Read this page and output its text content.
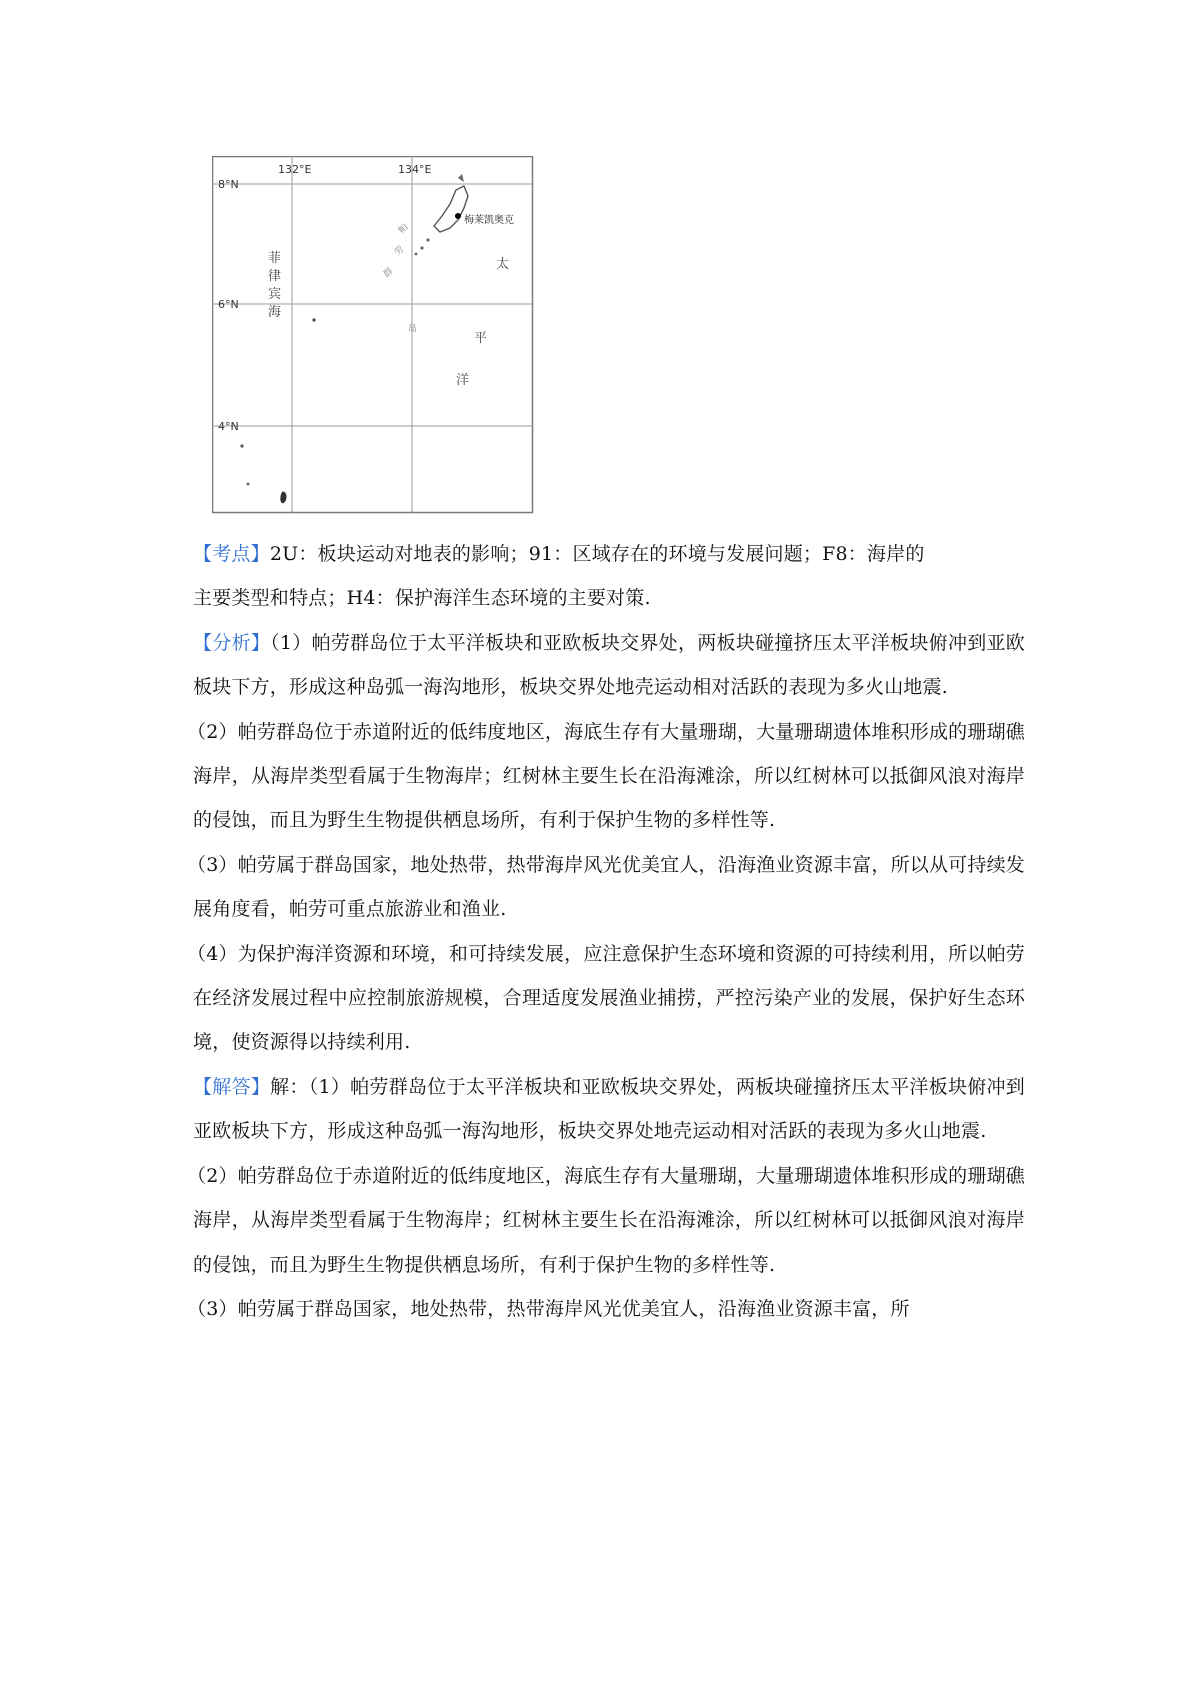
132°E	134°E
8°N
6°N
4°N
菲
律
宾
海
太
平
洋
帕
劳
群
岛
梅莱凯奥克

【考点】2U：板块运动对地表的影响；91：区域存在的环境与发展问题；F8：海岸的
主要类型和特点；H4：保护海洋生态环境的主要对策.

【分析】（1）帕劳群岛位于太平洋板块和亚欧板块交界处，两板块碰撞挤压太平洋板块俯冲到亚欧板块下方，形成这种岛弧一海沟地形，板块交界处地壳运动相对活跃的表现为多火山地震.

（2）帕劳群岛位于赤道附近的低纬度地区，海底生存有大量珊瑚，大量珊瑚遗体堆积形成的珊瑚礁海岸，从海岸类型看属于生物海岸；红树林主要生长在沿海滩涂，所以红树林可以抵御风浪对海岸的侵蚀，而且为野生生物提供栖息场所，有利于保护生物的多样性等.

（3）帕劳属于群岛国家，地处热带，热带海岸风光优美宜人，沿海渔业资源丰富，所以从可持续发展角度看，帕劳可重点旅游业和渔业.

（4）为保护海洋资源和环境，和可持续发展，应注意保护生态环境和资源的可持续利用，所以帕劳在经济发展过程中应控制旅游规模，合理适度发展渔业捕捞，严控污染产业的发展，保护好生态环境，使资源得以持续利用.

【解答】解：（1）帕劳群岛位于太平洋板块和亚欧板块交界处，两板块碰撞挤压太平洋板块俯冲到亚欧板块下方，形成这种岛弧一海沟地形，板块交界处地壳运动相对活跃的表现为多火山地震.

（2）帕劳群岛位于赤道附近的低纬度地区，海底生存有大量珊瑚，大量珊瑚遗体堆积形成的珊瑚礁海岸，从海岸类型看属于生物海岸；红树林主要生长在沿海滩涂，所以红树林可以抵御风浪对海岸的侵蚀，而且为野生生物提供栖息场所，有利于保护生物的多样性等.

（3）帕劳属于群岛国家，地处热带，热带海岸风光优美宜人，沿海渔业资源丰富，所
